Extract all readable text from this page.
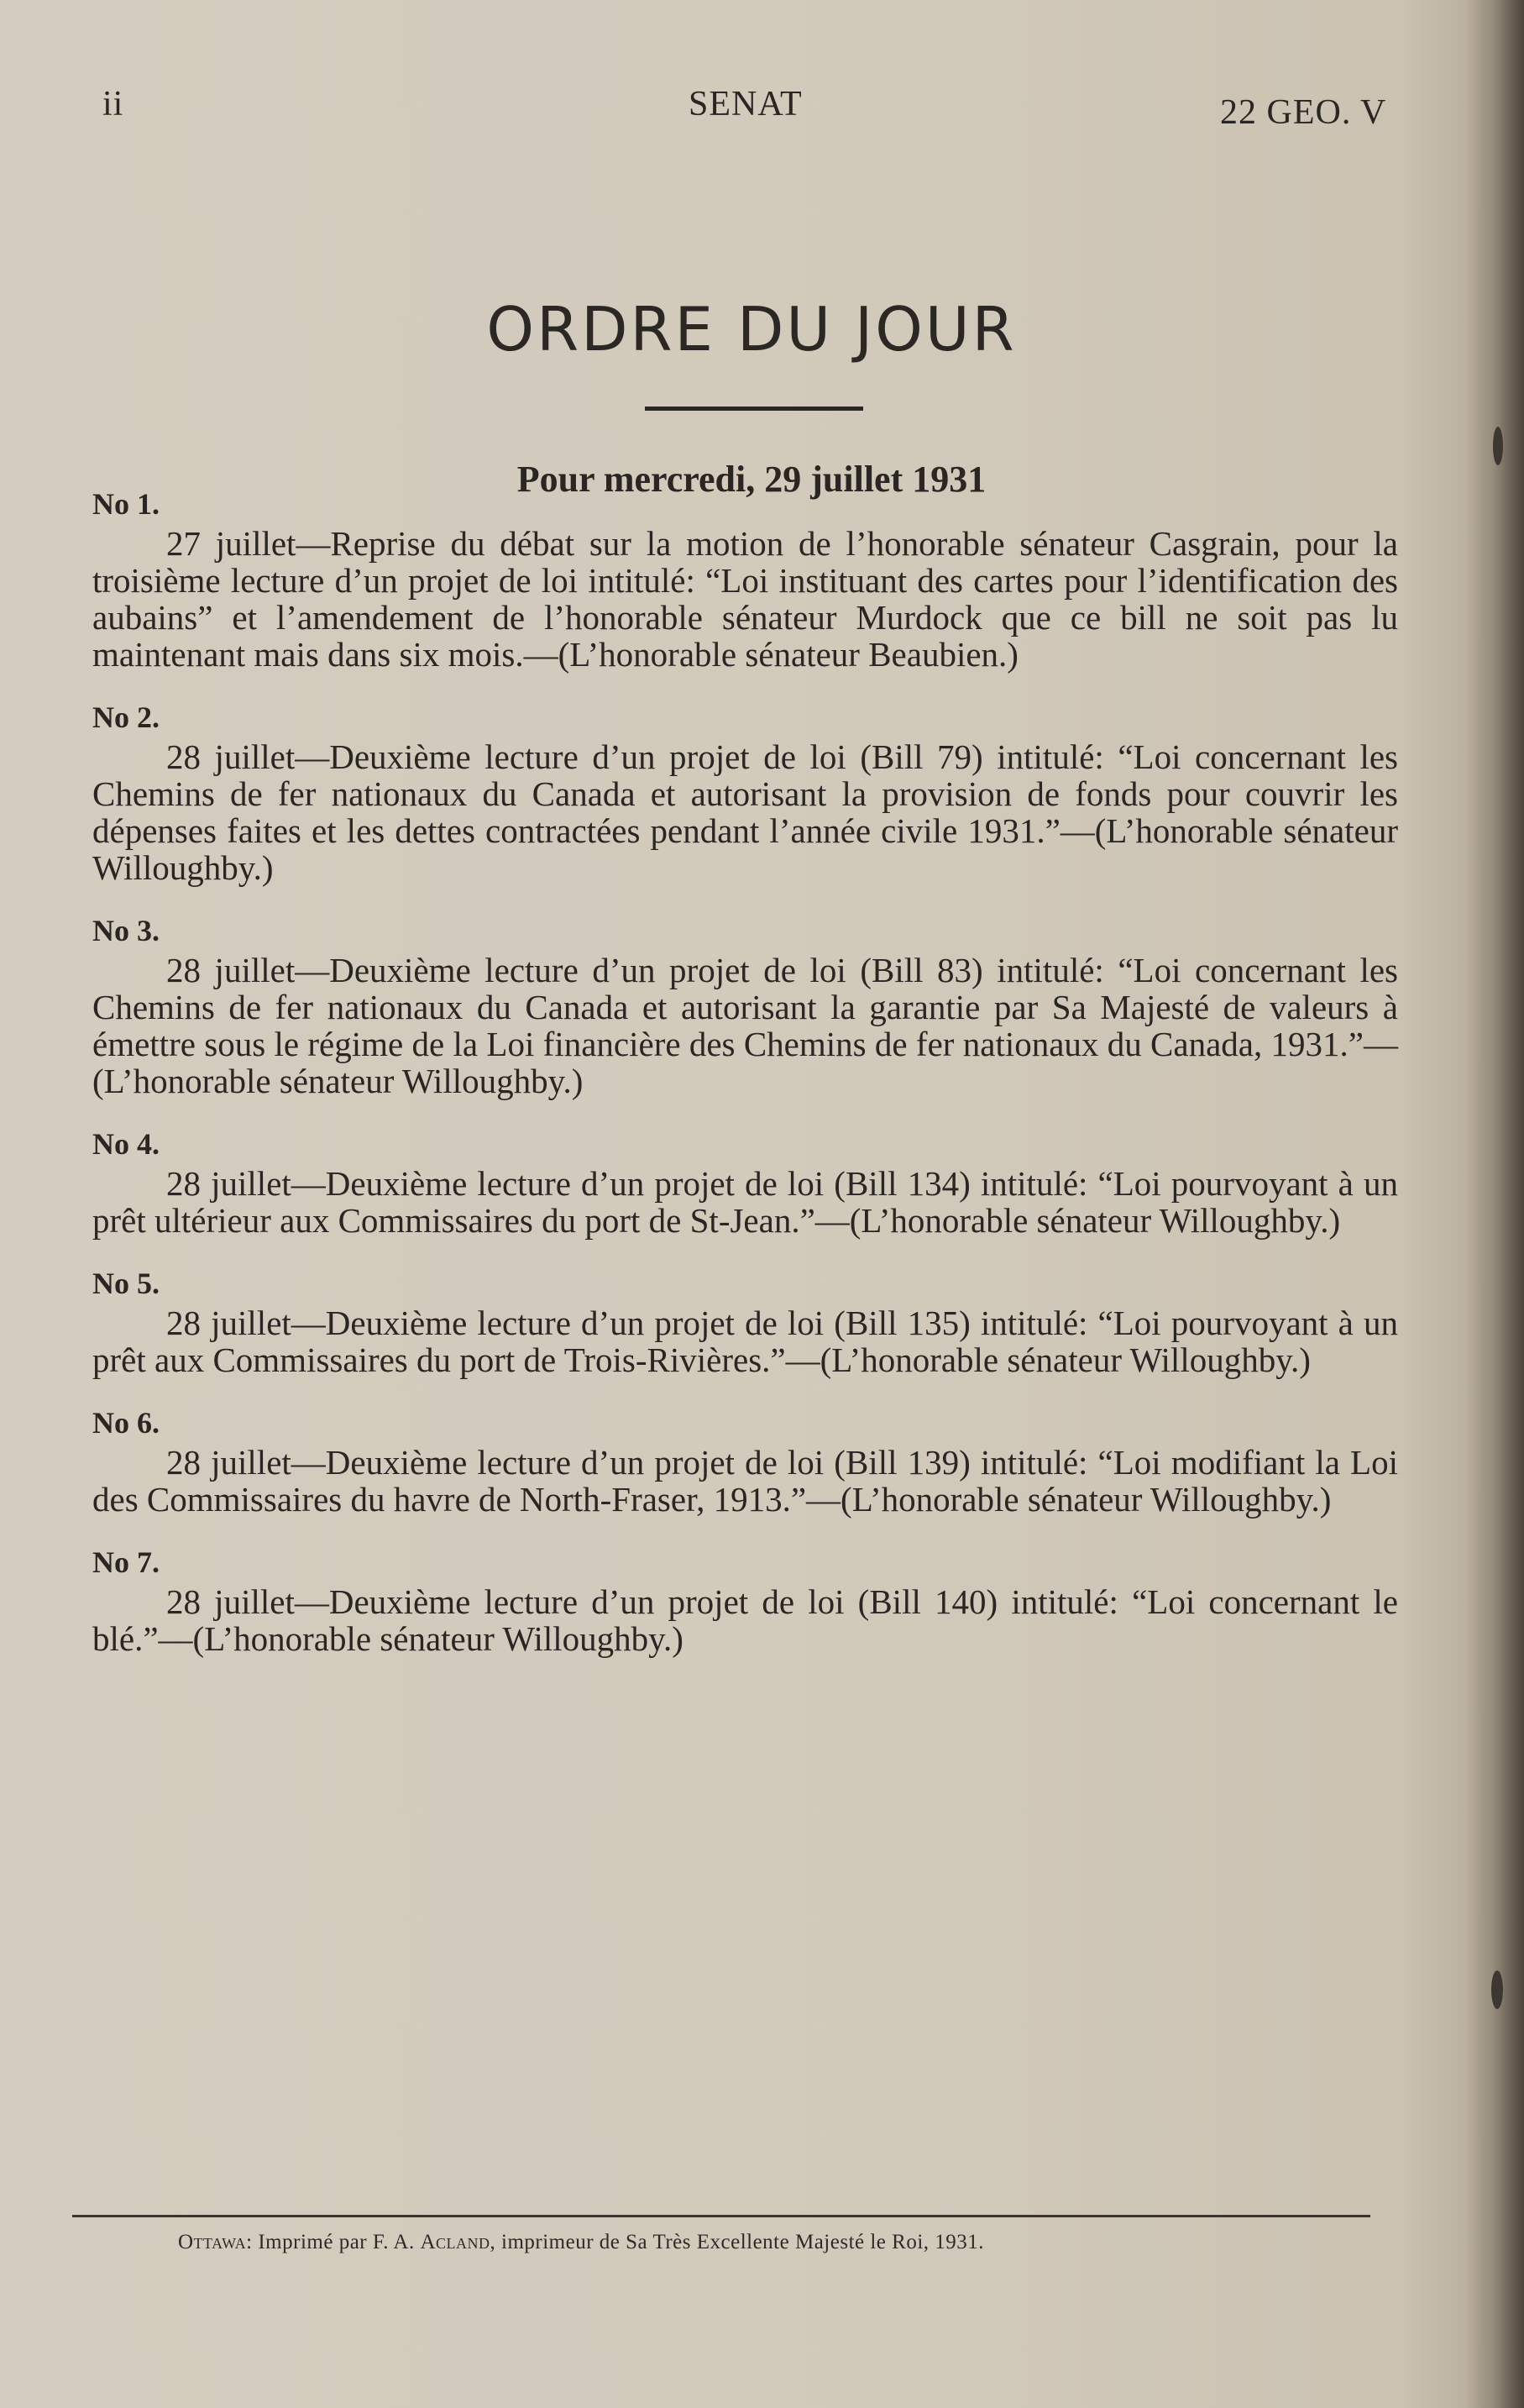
ii	SENAT	22 GEO. V
ORDRE DU JOUR
Pour mercredi, 29 juillet 1931
No 1.
27 juillet—Reprise du débat sur la motion de l’honorable sénateur Casgrain, pour la troisième lecture d’un projet de loi intitulé: “Loi instituant des cartes pour l’identification des aubains” et l’amendement de l’honorable sénateur Murdock que ce bill ne soit pas lu maintenant mais dans six mois.—(L’honorable sénateur Beaubien.)
No 2.
28 juillet—Deuxième lecture d’un projet de loi (Bill 79) intitulé: “Loi concernant les Chemins de fer nationaux du Canada et autorisant la provision de fonds pour couvrir les dépenses faites et les dettes contractées pendant l’année civile 1931.”—(L’honorable sénateur Willoughby.)
No 3.
28 juillet—Deuxième lecture d’un projet de loi (Bill 83) intitulé: “Loi concernant les Chemins de fer nationaux du Canada et autorisant la garantie par Sa Majesté de valeurs à émettre sous le régime de la Loi financière des Chemins de fer nationaux du Canada, 1931.”—(L’honorable sénateur Willoughby.)
No 4.
28 juillet—Deuxième lecture d’un projet de loi (Bill 134) intitulé: “Loi pourvoyant à un prêt ultérieur aux Commissaires du port de St-Jean.”—(L’honorable sénateur Willoughby.)
No 5.
28 juillet—Deuxième lecture d’un projet de loi (Bill 135) intitulé: “Loi pourvoyant à un prêt aux Commissaires du port de Trois-Rivières.”—(L’honorable sénateur Willoughby.)
No 6.
28 juillet—Deuxième lecture d’un projet de loi (Bill 139) intitulé: “Loi modifiant la Loi des Commissaires du havre de North-Fraser, 1913.”—(L’honorable sénateur Willoughby.)
No 7.
28 juillet—Deuxième lecture d’un projet de loi (Bill 140) intitulé: “Loi concernant le blé.”—(L’honorable sénateur Willoughby.)
Ottawa: Imprimé par F. A. Acland, imprimeur de Sa Très Excellente Majesté le Roi, 1931.
